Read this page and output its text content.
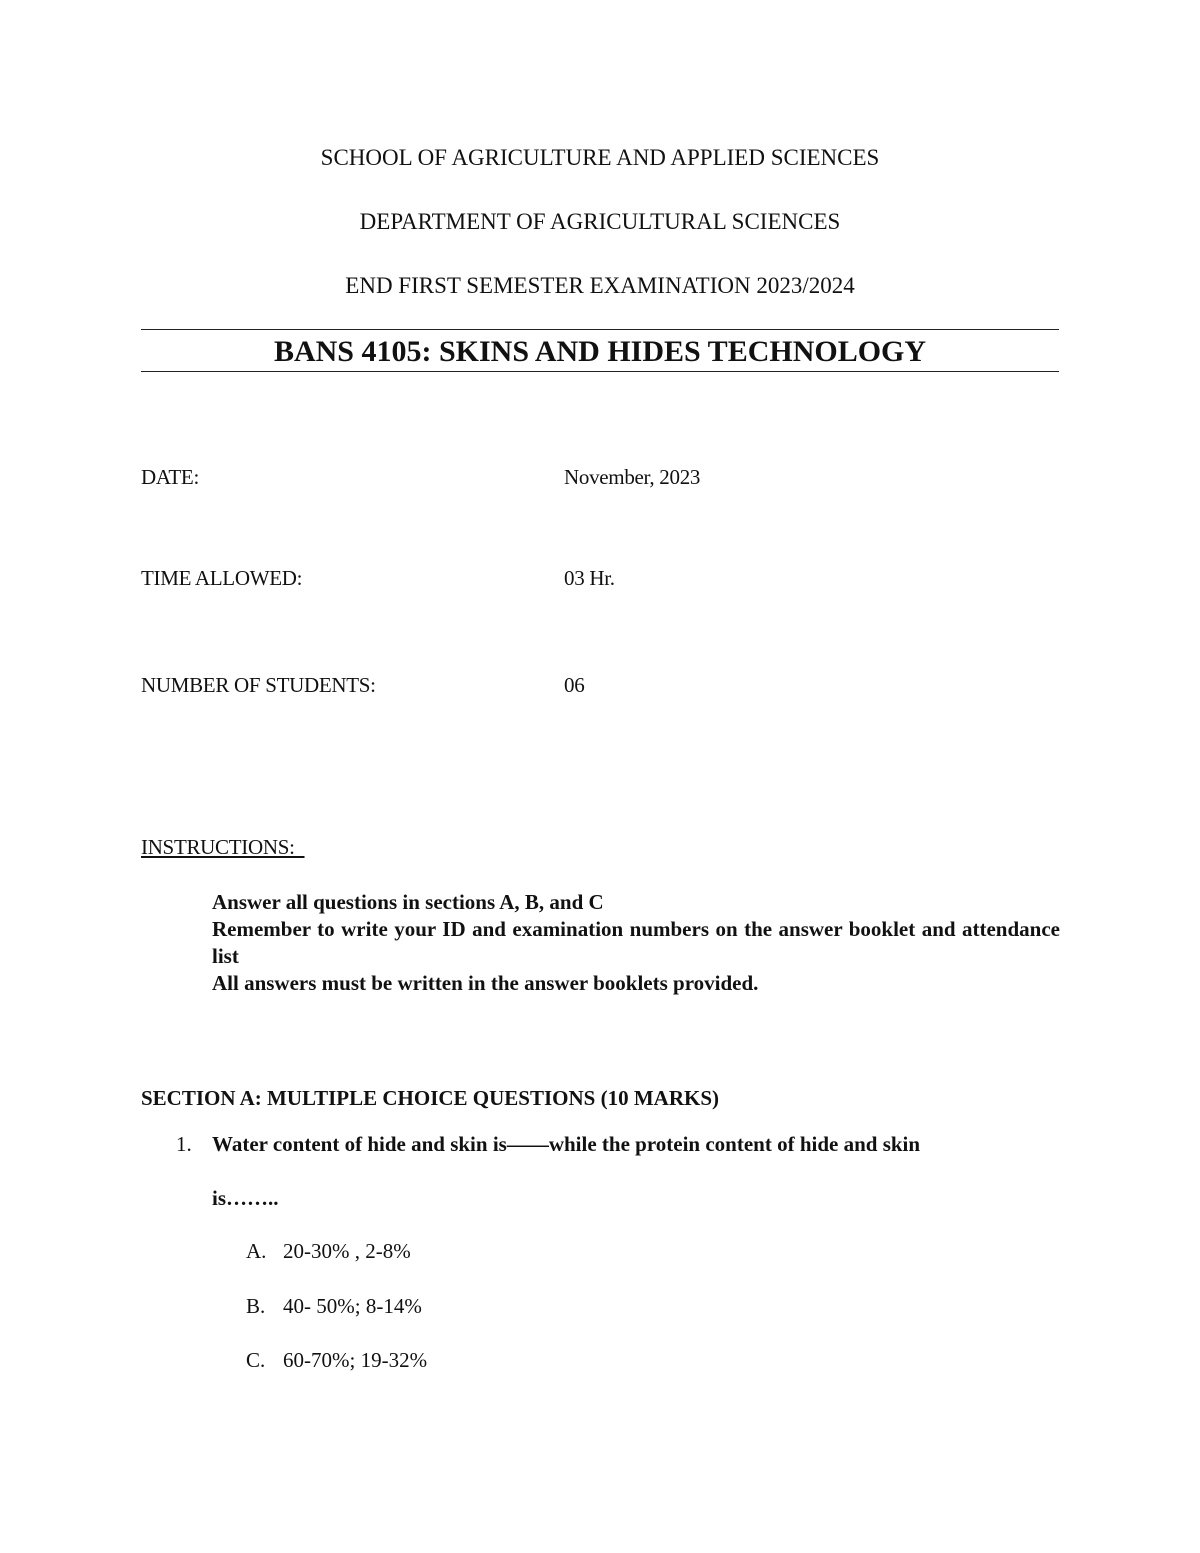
SCHOOL OF AGRICULTURE AND APPLIED SCIENCES
DEPARTMENT OF AGRICULTURAL SCIENCES
END FIRST SEMESTER EXAMINATION 2023/2024
BANS 4105: SKINS AND HIDES TECHNOLOGY
DATE:	November, 2023
TIME ALLOWED:	03 Hr.
NUMBER OF STUDENTS:	06
INSTRUCTIONS:
Answer all questions in sections A, B, and C
Remember to write your ID and examination numbers on the answer booklet and attendance list
All answers must be written in the answer booklets provided.
SECTION A: MULTIPLE CHOICE QUESTIONS (10 MARKS)
1. Water content of hide and skin is––––while the protein content of hide and skin
is……..
A. 20-30% , 2-8%
B. 40- 50%; 8-14%
C. 60-70%; 19-32%
